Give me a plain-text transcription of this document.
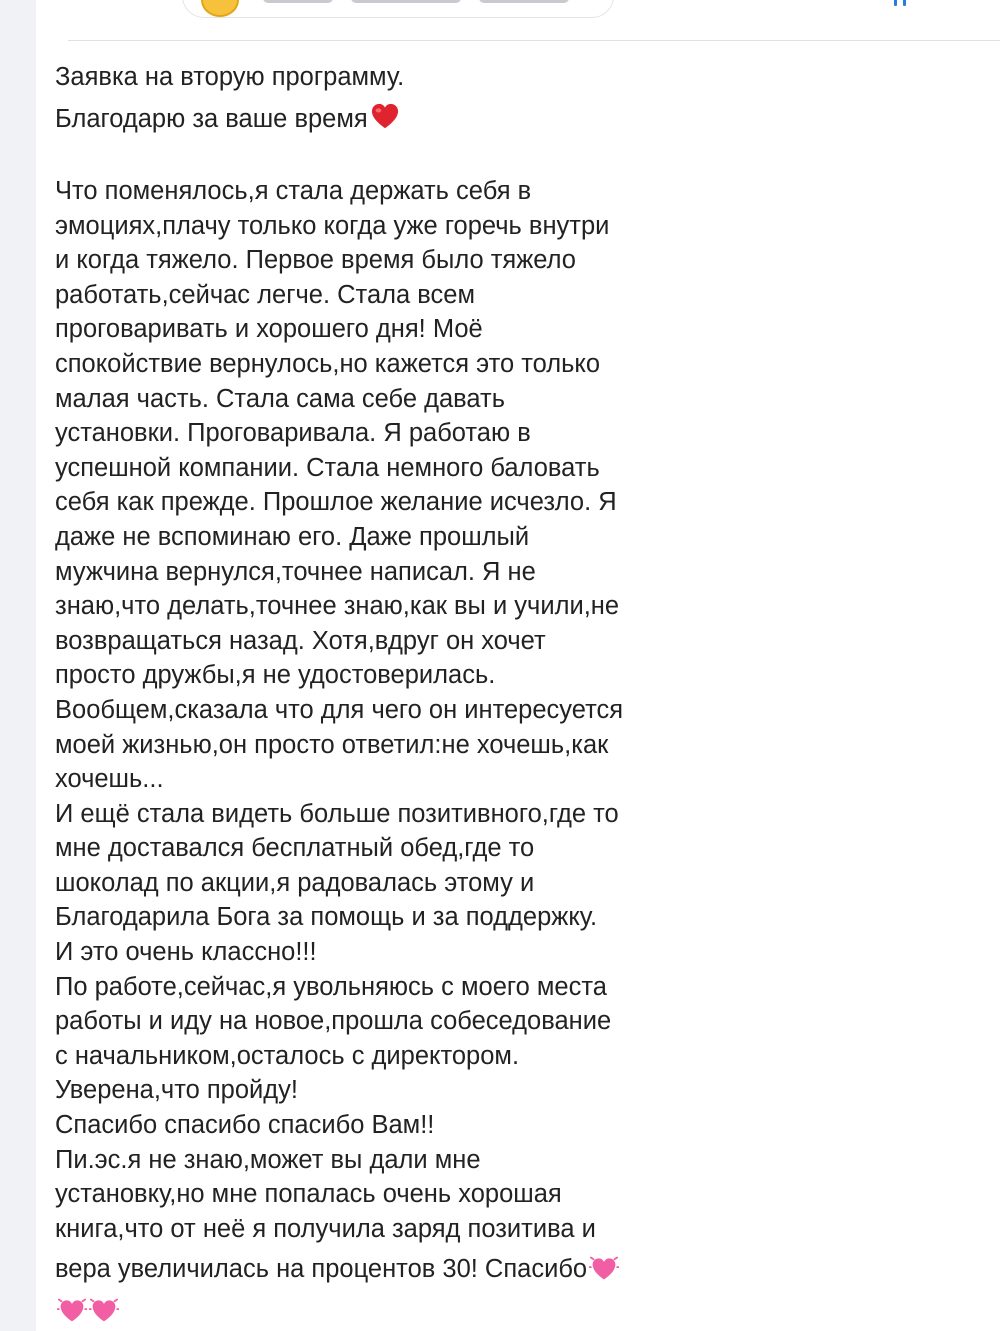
Заявка на вторую программу.
Благодарю за ваше время
Что поменялось,я стала держать себя в
эмоциях,плачу только когда уже горечь внутри
и когда тяжело. Первое время было тяжело
работать,сейчас легче. Стала всем
проговаривать и хорошего дня! Моё
спокойствие вернулось,но кажется это только
малая часть. Стала сама себе давать
установки. Проговаривала. Я работаю в
успешной компании. Стала немного баловать
себя как прежде. Прошлое желание исчезло. Я
даже не вспоминаю его. Даже прошлый
мужчина вернулся,точнее написал. Я не
знаю,что делать,точнее знаю,как вы и учили,не
возвращаться назад. Хотя,вдруг он хочет
просто дружбы,я не удостоверилась.
Вообщем,сказала что для чего он интересуется
моей жизнью,он просто ответил:не хочешь,как
хочешь...
И ещё стала видеть больше позитивного,где то
мне доставался бесплатный обед,где то
шоколад по акции,я радовалась этому и
Благодарила Бога за помощь и за поддержку.
И это очень классно!!!
По работе,сейчас,я увольняюсь с моего места
работы и иду на новое,прошла собеседование
с начальником,осталось с директором.
Уверена,что пройду!
Спасибо спасибо спасибо Вам!!
Пи.эс.я не знаю,может вы дали мне
установку,но мне попалась очень хорошая
книга,что от неё я получила заряд позитива и
вера увеличилась на процентов 30! Спасибо
